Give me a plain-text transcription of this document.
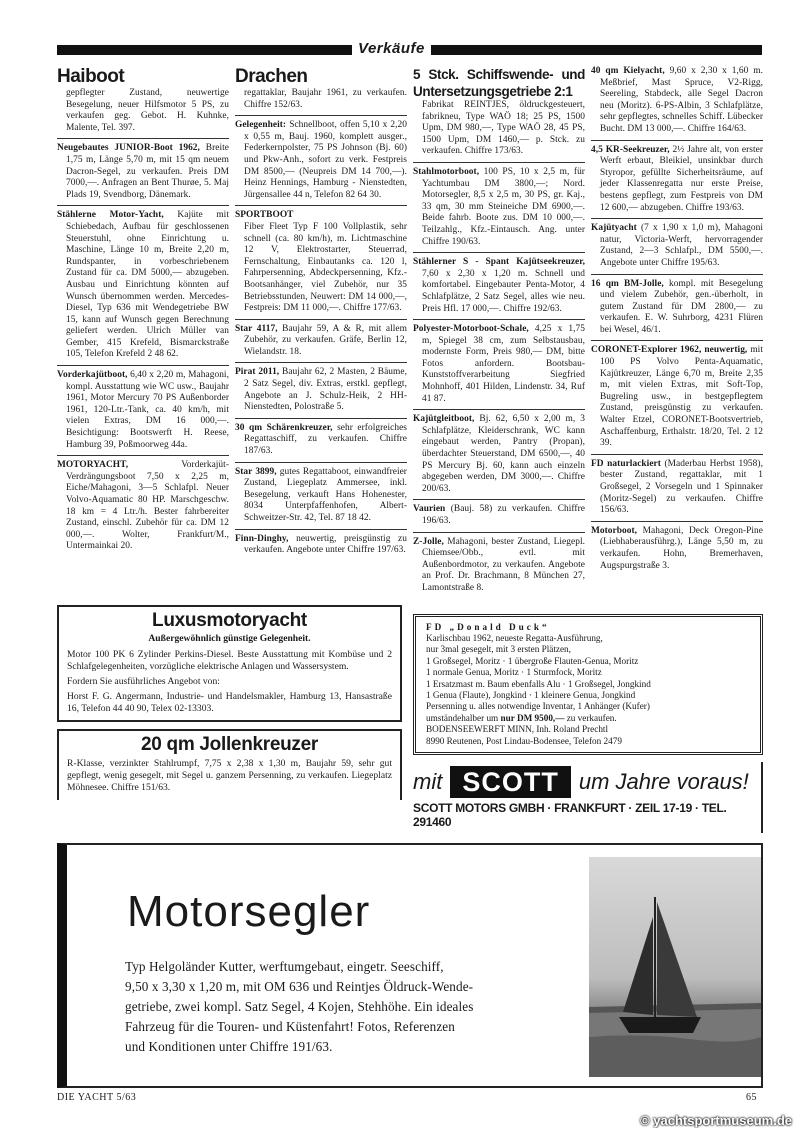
Verkäufe
Haiboot
gepflegter Zustand, neuwertige Besegelung, neuer Hilfsmotor 5 PS, zu verkaufen geg. Gebot. H. Kuhnke, Malente, Tel. 397.
Neugebautes JUNIOR-Boot 1962, Breite 1,75 m, Länge 5,70 m, mit 15 qm neuem Dacron-Segel, zu verkaufen. Preis DM 7000,—. Anfragen an Bent Thurøe, 5. Maj Plads 19, Svendborg, Dänemark.
Stählerne Motor-Yacht, Kajüte mit Schiebedach, Aufbau für geschlossenen Steuerstuhl, ohne Einrichtung u. Maschine, Länge 10 m, Breite 2,20 m, Rundspanter, in vorbeschriebenem Zustand für ca. DM 5000,— abzugeben. Ausbau und Einrichtung könnten auf Wunsch übernommen werden. Mercedes-Diesel, Typ 636 mit Wendegetriebe BW 15, kann auf Wunsch gegen Berechnung geliefert werden. Ulrich Müller van Gember, 415 Krefeld, Bismarckstraße 105, Telefon Krefeld 2 48 62.
Vorderkajütboot, 6,40 x 2,20 m, Mahagoni, kompl. Ausstattung wie WC usw., Baujahr 1961, Motor Mercury 70 PS Außenborder 1961, 120-Ltr.-Tank, ca. 40 km/h, mit vielen Extras, DM 16 000,—. Besichtigung: Bootswerft H. Reese, Hamburg 39, Poßmoorweg 44a.
MOTORYACHT,	Vorderkajüt-Verdrängungsboot 7,50 x 2,25 m, Eiche/Mahagoni, 3—5 Schlafpl. Neuer Volvo-Aquamatic 80 HP. Marschgeschw. 18 km = 4 Ltr./h. Bester fahrbereiter Zustand, einschl. Zubehör für ca. DM 12 000,—. Wolter, Frankfurt/M., Untermainkai 20.
Drachen
regattaklar, Baujahr 1961, zu verkaufen. Chiffre 152/63.
Gelegenheit: Schnellboot, offen 5,10 x 2,20 x 0,55 m, Bauj. 1960, komplett ausger., Federkernpolster, 75 PS Johnson (Bj. 60) und Pkw-Anh., sofort zu verk. Festpreis DM 8500,— (Neupreis DM 14 700,—). Heinz Hennings, Hamburg - Nienstedten, Jürgensallee 44 n, Telefon 82 64 30.
SPORTBOOT
Fiber Fleet Typ F 100 Vollplastik, sehr schnell (ca. 80 km/h), m. Lichtmaschine 12 V, Elektrostarter, Steuerrad, Fernschaltung, Einbautanks ca. 120 l, Fahrpersenning, Abdeckpersenning, Kfz.-Bootsanhänger, viel Zubehör, nur 35 Betriebsstunden, Neuwert: DM 14 000,—, Festpreis: DM 11 000,—. Chiffre 177/63.
Star 4117, Baujahr 59, A & R, mit allem Zubehör, zu verkaufen. Gräfe, Berlin 12, Wielandstr. 18.
Pirat 2011, Baujahr 62, 2 Masten, 2 Bäume, 2 Satz Segel, div. Extras, erstkl. gepflegt, Angebote an J. Schulz-Heik, 2 HH-Nienstedten, Polostraße 5.
30 qm Schärenkreuzer, sehr erfolgreiches Regattaschiff, zu verkaufen. Chiffre 187/63.
Star 3899, gutes Regattaboot, einwandfreier Zustand, Liegeplatz Ammersee, inkl. Besegelung, verkauft Hans Hohenester, 8034 Unterpfaffenhofen, Albert-Schweitzer-Str. 42, Tel. 87 18 42.
Finn-Dinghy, neuwertig, preisgünstig zu verkaufen. Angebote unter Chiffre 197/63.
5 Stck. Schiffswende- und Untersetzungsgetriebe 2:1
Fabrikat REINTJES, öldruckgesteuert, fabrikneu, Type WAÖ 18; 25 PS, 1500 Upm, DM 980,—, Type WAÖ 28, 45 PS, 1500 Upm, DM 1460,— p. Stck. zu verkaufen. Chiffre 173/63.
Stahlmotorboot, 100 PS, 10 x 2,5 m, für Yachtumbau DM 3800,—; Nord. Motorsegler, 8,5 x 2,5 m, 30 PS, gr. Kaj., 33 qm, 30 mm Steineiche DM 6900,—. Beide fahrb. Boote zus. DM 10 000,—. Teilzahlg., Kfz.-Eintausch. Ang. unter Chiffre 190/63.
Stählerner S - Spant Kajütseekreuzer, 7,60 x 2,30 x 1,20 m. Schnell und komfortabel. Eingebauter Penta-Motor, 4 Schlafplätze, 2 Satz Segel, alles wie neu. Preis Hfl. 17 000,—. Chiffre 192/63.
Polyester-Motorboot-Schale, 4,25 x 1,75 m, Spiegel 38 cm, zum Selbstausbau, modernste Form, Preis 980,— DM, bitte Fotos anfordern. Bootsbau-Kunststoffverarbeitung Siegfried Mohnhoff, 401 Hilden, Lindenstr. 34, Ruf 41 87.
Kajütgleitboot, Bj. 62, 6,50 x 2,00 m, 3 Schlafplätze, Kleiderschrank, WC kann eingebaut werden, Pantry (Propan), überdachter Steuerstand, DM 6500,—, 40 PS Mercury Bj. 60, kann auch einzeln abgegeben werden, DM 3000,—. Chiffre 200/63.
Vaurien (Bauj. 58) zu verkaufen. Chiffre 196/63.
Z-Jolle, Mahagoni, bester Zustand, Liegepl. Chiemsee/Obb., evtl. mit Außenbordmotor, zu verkaufen. Angebote an Prof. Dr. Brachmann, 8 München 27, Lamontstraße 8.
40 qm Kielyacht, 9,60 x 2,30 x 1,60 m. Meßbrief, Mast Spruce, V2-Rigg, Seereling, Stabdeck, alle Segel Dacron neu (Moritz). 6-PS-Albin, 3 Schlafplätze, sehr gepflegtes, schnelles Schiff. Lübecker Bucht. DM 13 000,—. Chiffre 164/63.
4,5 KR-Seekreuzer, 2½ Jahre alt, von erster Werft erbaut, Bleikiel, unsinkbar durch Styropor, gefüllte Sicherheitsräume, auf jeder Klassenregatta nur erste Preise, bestens gepflegt, zum Festpreis von DM 12 600,— abzugeben. Chiffre 193/63.
Kajütyacht (7 x 1,90 x 1,0 m), Mahagoni natur, Victoria-Werft, hervorragender Zustand, 2—3 Schlafpl., DM 5500,—. Angebote unter Chiffre 195/63.
16 qm BM-Jolle, kompl. mit Besegelung und vielem Zubehör, gen.-überholt, in gutem Zustand für DM 2800,— zu verkaufen. E. W. Suhrborg, 4231 Flüren bei Wesel, 46/1.
CORONET-Explorer 1962, neuwertig, mit 100 PS Volvo Penta-Aquamatic, Kajütkreuzer, Länge 6,70 m, Breite 2,35 m, mit vielen Extras, mit Soft-Top, Bugreling usw., in bestgepflegtem Zustand, preisgünstig zu verkaufen. Walter Etzel, CORONET-Bootsvertrieb, Aschaffenburg, Erthalstr. 18/20, Tel. 2 12 39.
FD naturlackiert (Maderbau Herbst 1958), bester Zustand, regattaklar, mit 1 Großsegel, 2 Vorsegeln und 1 Spinnaker (Moritz-Segel) zu verkaufen. Chiffre 156/63.
Motorboot, Mahagoni, Deck Oregon-Pine (Liebhaberausführg.), Länge 5,50 m, zu verkaufen. Hohn, Bremerhaven, Augspurgstraße 3.
Luxusmotoryacht
Außergewöhnlich günstige Gelegenheit.
Motor 100 PK 6 Zylinder Perkins-Diesel. Beste Ausstattung mit Kombüse und 2 Schlafgelegenheiten, vorzügliche elektrische Anlagen und Wassersystem.
Fordern Sie ausführliches Angebot von:
Horst F. G. Angermann, Industrie- und Handelsmakler, Hamburg 13, Hansastraße 16, Telefon 44 40 90, Telex 02-13303.
20 qm Jollenkreuzer
R-Klasse, verzinkter Stahlrumpf, 7,75 x 2,38 x 1,30 m, Baujahr 59, sehr gut gepflegt, wenig gesegelt, mit Segel u. ganzem Persenning, zu verkaufen. Liegeplatz Möhnesee. Chiffre 151/63.
FD „Donald Duck“
Karlischbau 1962, neueste Regatta-Ausführung,
nur 3mal gesegelt, mit 3 ersten Plätzen,
1 Großsegel, Moritz · 1 übergroße Flauten-Genua, Moritz
1 normale Genua, Moritz · 1 Sturmfock, Moritz
1 Ersatzmast m. Baum ebenfalls Alu · 1 Großsegel, Jongkind
1 Genua (Flaute), Jongkind · 1 kleinere Genua, Jongkind
Persenning u. alles notwendige Inventar, 1 Anhänger (Kufer)
umständehalber um nur DM 9500,— zu verkaufen.
BODENSEEWERFT MINN, Inh. Roland Prechtl
8990 Reutenen, Post Lindau-Bodensee, Telefon 2479
mit SCOTT um Jahre voraus!
SCOTT MOTORS GMBH · FRANKFURT · ZEIL 17-19 · TEL. 291460
Motorsegler
Typ Helgoländer Kutter, werftumgebaut, eingetr. Seeschiff,
9,50 x 3,30 x 1,20 m, mit OM 636 und Reintjes Öldruck-Wende-
getriebe, zwei kompl. Satz Segel, 4 Kojen, Stehhöhe. Ein ideales
Fahrzeug für die Touren- und Küstenfahrt! Fotos, Referenzen
und Konditionen unter Chiffre 191/63.
DIE YACHT 5/63	65
© yachtsportmuseum.de
